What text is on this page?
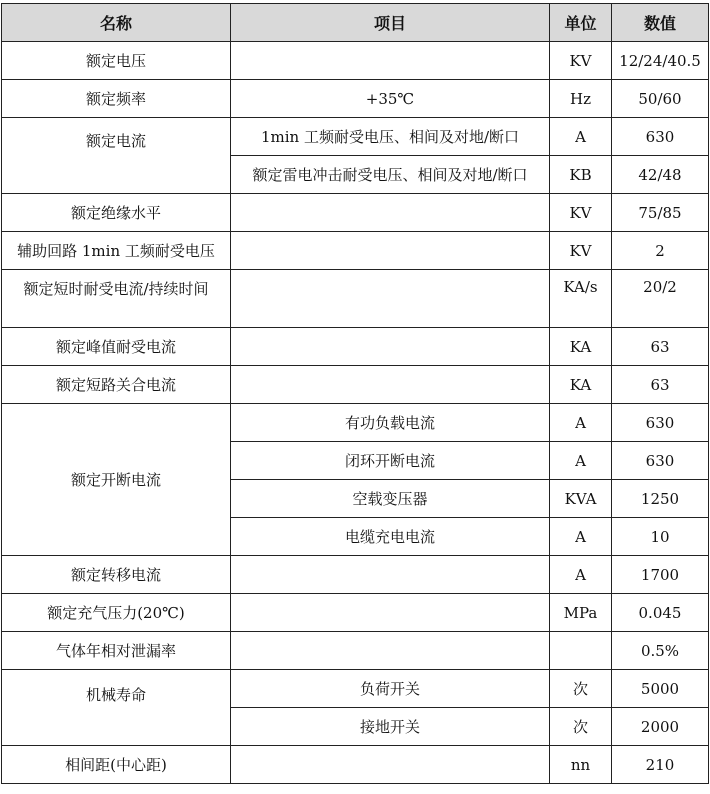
名称	项目	单位	数值
额定电压		KV	12/24/40.5
额定频率	+35℃	Hz	50/60
额定电流	1min 工频耐受电压、相间及对地/断口	A	630
	额定雷电冲击耐受电压、相间及对地/断口	KB	42/48
额定绝缘水平		KV	75/85
辅助回路 1min 工频耐受电压		KV	2
额定短时耐受电流/持续时间		KA/s	20/2
额定峰值耐受电流		KA	63
额定短路关合电流		KA	63
额定开断电流	有功负载电流	A	630
	闭环开断电流	A	630
	空载变压器	KVA	1250
	电缆充电电流	A	10
额定转移电流		A	1700
额定充气压力(20℃)		MPa	0.045
气体年相对泄漏率			0.5%
机械寿命	负荷开关	次	5000
	接地开关	次	2000
相间距(中心距)		nn	210
